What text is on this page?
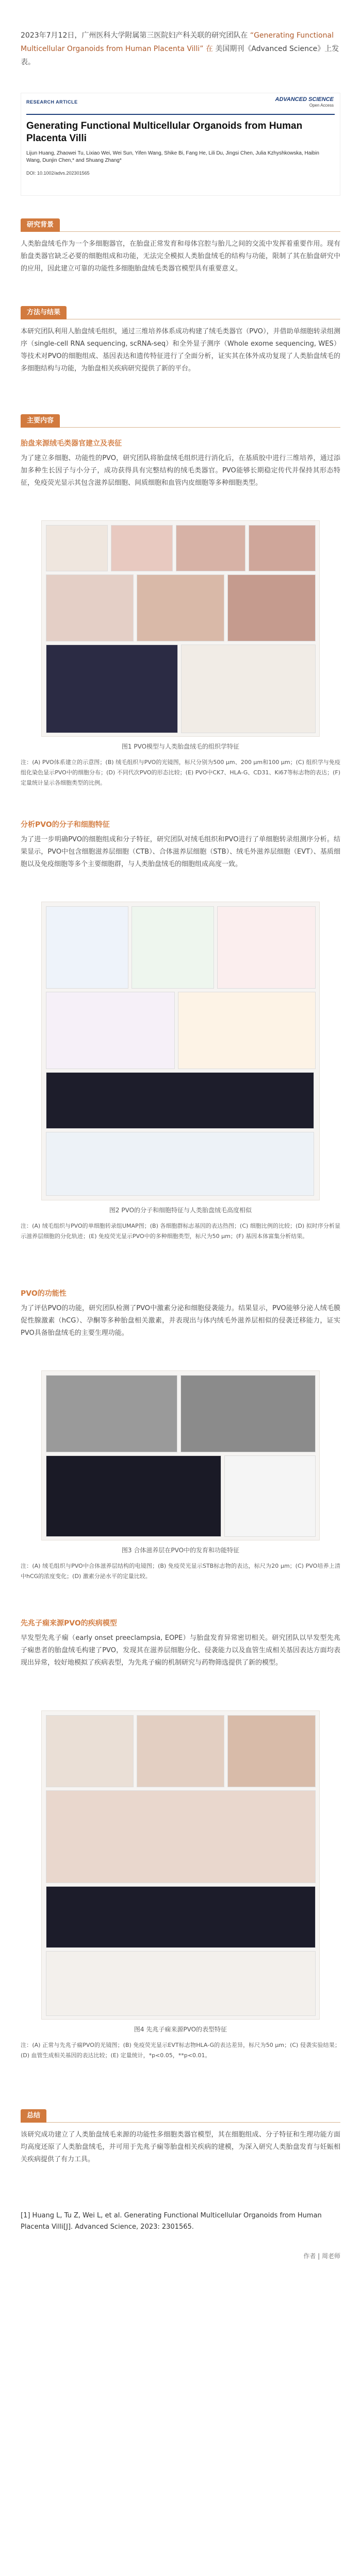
2023年7月12日，广州医科大学附属第三医院妇产科关联的研究团队在 “Generating Functional Multicellular Organoids from Human Placenta Villi” 在 美国期刊《Advanced Science》上发表。
RESEARCH ARTICLE	ADVANCED SCIENCE
Open Access
Generating Functional Multicellular Organoids from Human Placenta Villi
Lijun Huang, Zhaowei Tu, Lixiao Wei, Wei Sun, Yifen Wang, Shike Bi, Fang He, Lili Du, Jingsi Chen, Julia Kzhyshkowska, Haibin Wang, Dunjin Chen,* and Shuang Zhang*
DOI: 10.1002/advs.202301565
研究背景
人类胎盘绒毛作为一个多细胞器官，在胎盘正常发育和母体宫腔与胎儿之间的交流中发挥着重要作用。现有胎盘类器官缺乏必要的细胞组成和功能，无法完全模拟人类胎盘绒毛的结构与功能，限制了其在胎盘研究中的应用，因此建立可靠的功能性多细胞胎盘绒毛类器官模型具有重要意义。
方法与结果
本研究团队利用人胎盘绒毛组织，通过三维培养体系成功构建了绒毛类器官（PVO），并借助单细胞转录组测序（single-cell RNA sequencing, scRNA-seq）和全外显子测序（Whole exome sequencing, WES）等技术对PVO的细胞组成、基因表达和遗传特征进行了全面分析，证实其在体外成功复现了人类胎盘绒毛的多细胞结构与功能，为胎盘相关疾病研究提供了新的平台。
主要内容
胎盘来源绒毛类器官建立及表征
为了建立多细胞、功能性的PVO，研究团队将胎盘绒毛组织进行消化后，在基质胶中进行三维培养，通过添加多种生长因子与小分子，成功获得具有完整结构的绒毛类器官。PVO能够长期稳定传代并保持其形态特征，免疫荧光显示其包含滋养层细胞、间质细胞和血管内皮细胞等多种细胞类型。
图1 PVO模型与人类胎盘绒毛的组织学特征
注：(A) PVO体系建立的示意图；(B) 绒毛组织与PVO的光镜图，标尺分别为500 μm、200 μm和100 μm；(C) 组织学与免疫组化染色显示PVO中的细胞分布；(D) 不同代次PVO的形态比较；(E) PVO中CK7、HLA-G、CD31、Ki67等标志物的表达；(F) 定量统计显示各细胞类型的比例。
分析PVO的分子和细胞特征
为了进一步明确PVO的细胞组成和分子特征，研究团队对绒毛组织和PVO进行了单细胞转录组测序分析。结果显示，PVO中包含细胞滋养层细胞（CTB）、合体滋养层细胞（STB）、绒毛外滋养层细胞（EVT）、基质细胞以及免疫细胞等多个主要细胞群，与人类胎盘绒毛的细胞组成高度一致。
图2 PVO的分子和细胞特征与人类胎盘绒毛高度相似
注：(A) 绒毛组织与PVO的单细胞转录组UMAP图；(B) 各细胞群标志基因的表达热图；(C) 细胞比例的比较；(D) 拟时序分析显示滋养层细胞的分化轨迹；(E) 免疫荧光显示PVO中的多种细胞类型，标尺为50 μm；(F) 基因本体富集分析结果。
PVO的功能性
为了评估PVO的功能，研究团队检测了PVO中激素分泌和细胞侵袭能力。结果显示，PVO能够分泌人绒毛膜促性腺激素（hCG）、孕酮等多种胎盘相关激素，并表现出与体内绒毛外滋养层相似的侵袭迁移能力，证实PVO具备胎盘绒毛的主要生理功能。
图3 合体滋养层在PVO中的发育和功能特征
注：(A) 绒毛组织与PVO中合体滋养层结构的电镜图；(B) 免疫荧光显示STB标志物的表达，标尺为20 μm；(C) PVO培养上清中hCG的浓度变化；(D) 激素分泌水平的定量比较。
先兆子痫来源PVO的疾病模型
早发型先兆子痫（early onset preeclampsia, EOPE）与胎盘发育异常密切相关。研究团队以早发型先兆子痫患者的胎盘绒毛构建了PVO，发现其在滋养层细胞分化、侵袭能力以及血管生成相关基因表达方面均表现出异常，较好地模拟了疾病表型，为先兆子痫的机制研究与药物筛选提供了新的模型。
图4 先兆子痫来源PVO的表型特征
注：(A) 正常与先兆子痫PVO的光镜图；(B) 免疫荧光显示EVT标志物HLA-G的表达差异，标尺为50 μm；(C) 侵袭实验结果；(D) 血管生成相关基因的表达比较；(E) 定量统计，*p<0.05，**p<0.01。
总结
该研究成功建立了人类胎盘绒毛来源的功能性多细胞类器官模型，其在细胞组成、分子特征和生理功能方面均高度还原了人类胎盘绒毛，并可用于先兆子痫等胎盘相关疾病的建模，为深入研究人类胎盘发育与妊娠相关疾病提供了有力工具。
[1] Huang L, Tu Z, Wei L, et al. Generating Functional Multicellular Organoids from Human Placenta Villi[J]. Advanced Science, 2023: 2301565.
作者 | 周老师
